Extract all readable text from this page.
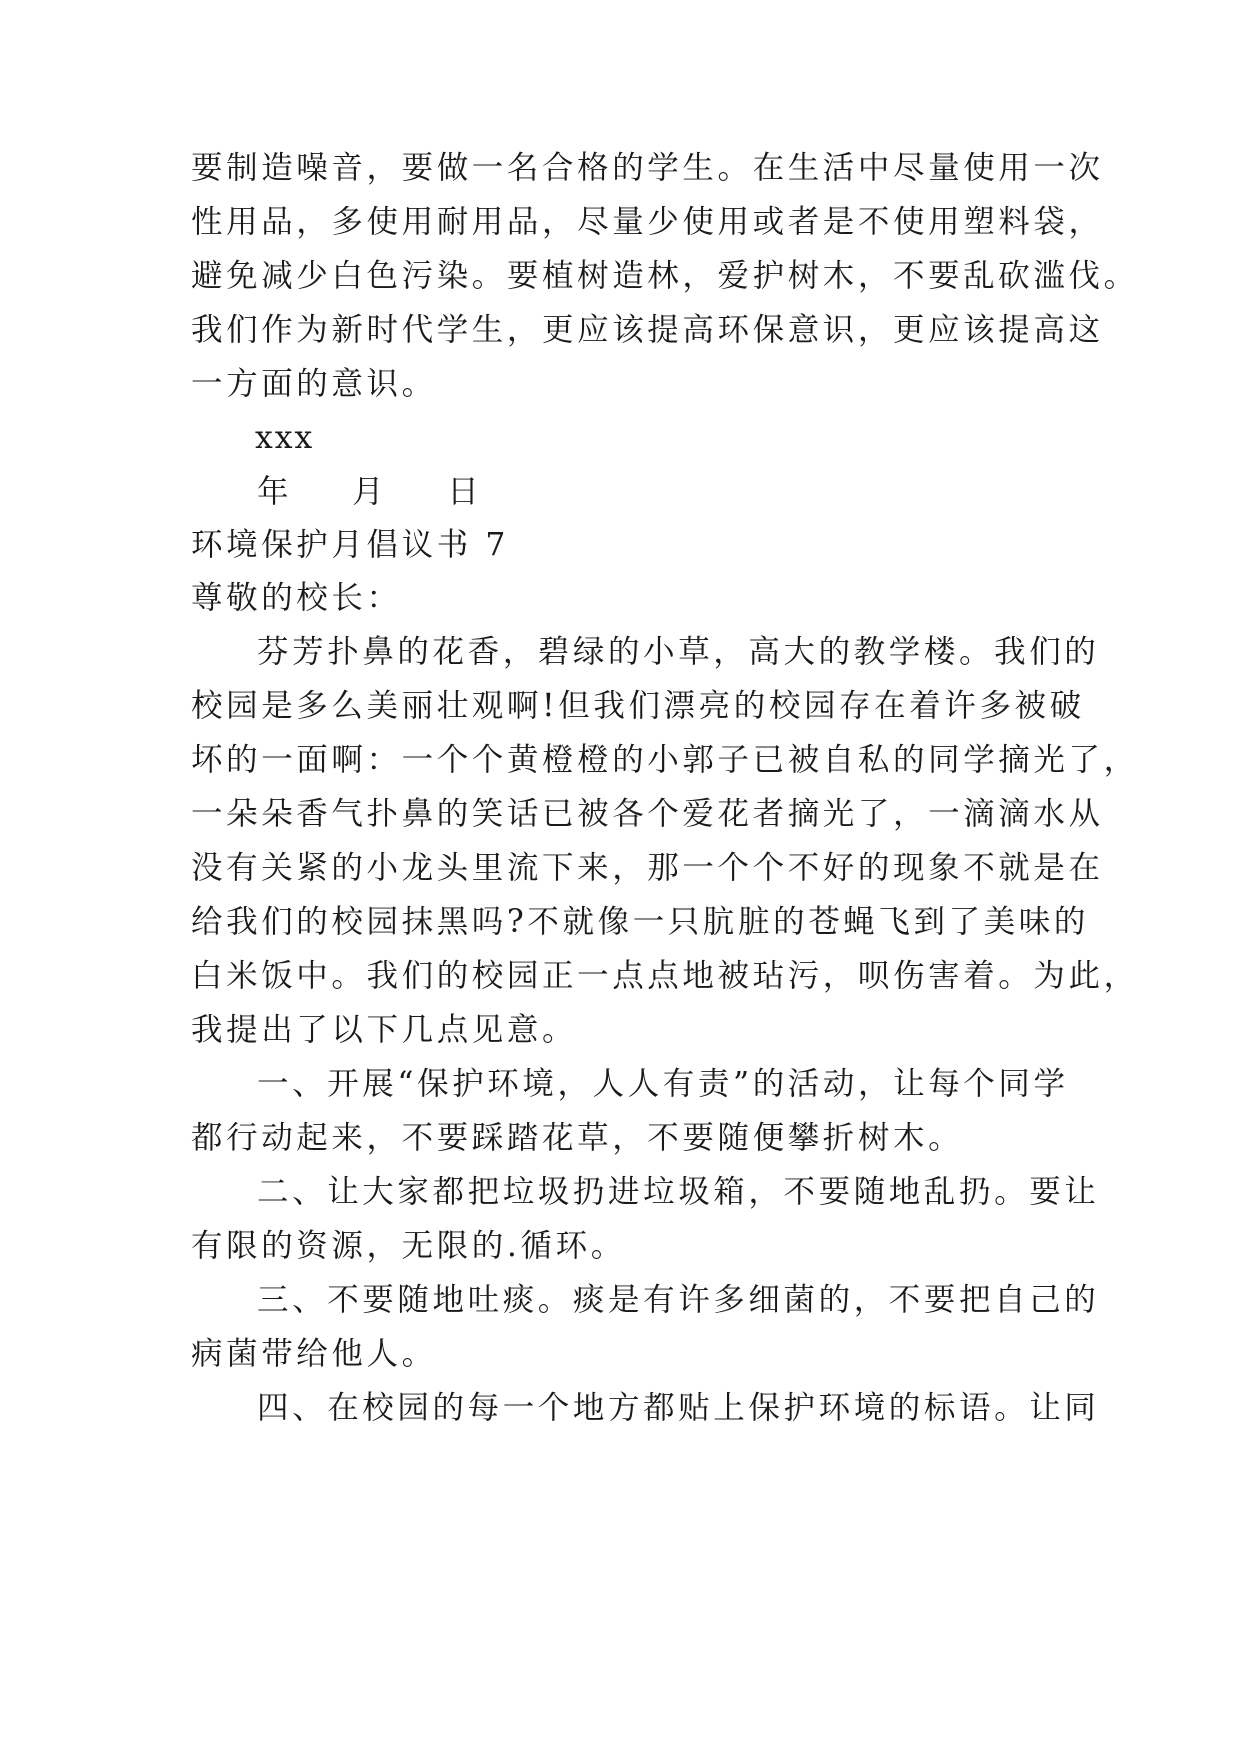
要制造噪音，要做一名合格的学生。在生活中尽量使用一次
性用品，多使用耐用品，尽量少使用或者是不使用塑料袋，
避免减少白色污染。要植树造林，爱护树木，不要乱砍滥伐。
我们作为新时代学生，更应该提高环保意识，更应该提高这
一方面的意识。
xxx
年 月 日
环境保护月倡议书 7
尊敬的校长：
芬芳扑鼻的花香，碧绿的小草，高大的教学楼。我们的
校园是多么美丽壮观啊!但我们漂亮的校园存在着许多被破
坏的一面啊：一个个黄橙橙的小郭子已被自私的同学摘光了，
一朵朵香气扑鼻的笑话已被各个爱花者摘光了，一滴滴水从
没有关紧的小龙头里流下来，那一个个不好的现象不就是在
给我们的校园抹黑吗?不就像一只肮脏的苍蝇飞到了美味的
白米饭中。我们的校园正一点点地被玷污，呗伤害着。为此，
我提出了以下几点见意。
一、开展“保护环境，人人有责”的活动，让每个同学
都行动起来，不要踩踏花草，不要随便攀折树木。
二、让大家都把垃圾扔进垃圾箱，不要随地乱扔。要让
有限的资源，无限的.循环。
三、不要随地吐痰。痰是有许多细菌的，不要把自己的
病菌带给他人。
四、在校园的每一个地方都贴上保护环境的标语。让同
